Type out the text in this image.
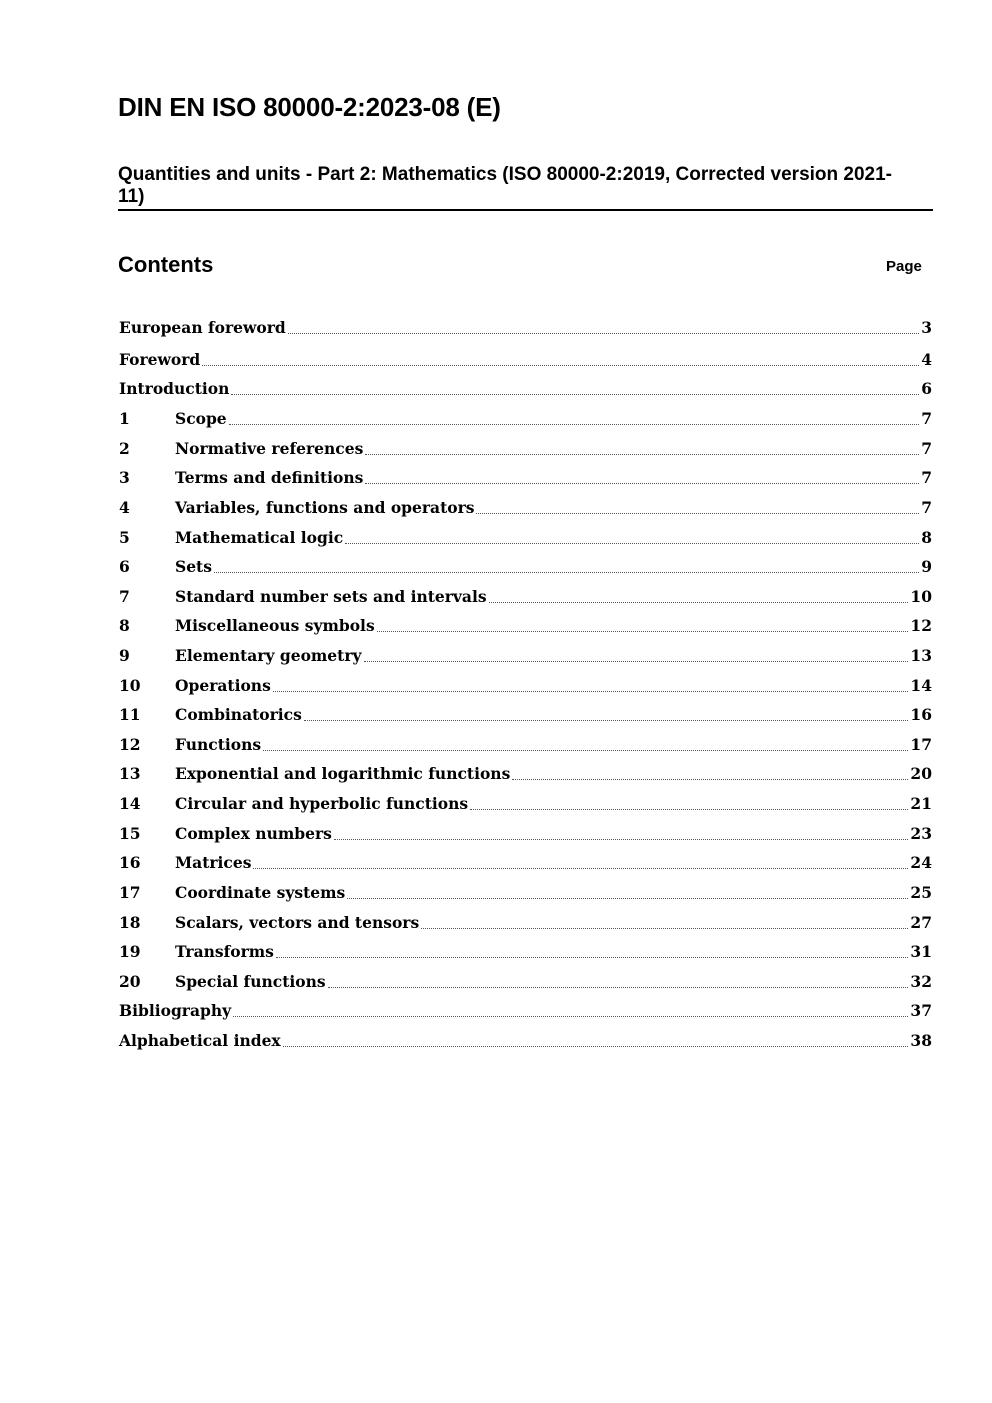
DIN EN ISO 80000-2:2023-08 (E)
Quantities and units - Part 2: Mathematics (ISO 80000-2:2019, Corrected version 2021-11)
Contents	Page
European foreword	3
Foreword	4
Introduction	6
1	Scope	7
2	Normative references	7
3	Terms and definitions	7
4	Variables, functions and operators	7
5	Mathematical logic	8
6	Sets	9
7	Standard number sets and intervals	10
8	Miscellaneous symbols	12
9	Elementary geometry	13
10	Operations	14
11	Combinatorics	16
12	Functions	17
13	Exponential and logarithmic functions	20
14	Circular and hyperbolic functions	21
15	Complex numbers	23
16	Matrices	24
17	Coordinate systems	25
18	Scalars, vectors and tensors	27
19	Transforms	31
20	Special functions	32
Bibliography	37
Alphabetical index	38
